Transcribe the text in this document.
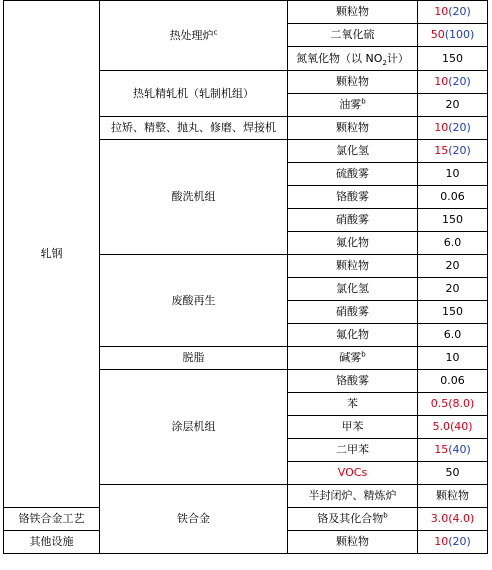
轧钢	热处理炉$^c$	颗粒物	10(20)	
		二氧化硫	50(100)	
		氮氧化物（以 $NO_2$计）	150	
	热轧精轧机（轧制机组）	颗粒物	10(20)	
		油雾$^b$	20	
	拉矫、精整、抛丸、修磨、焊接机	颗粒物	10(20)	
	酸洗机组	氯化氢	15(20)	
		硫酸雾	10	
		铬酸雾	0.06	
		硝酸雾	150	
		氟化物	6.0	
	废酸再生	颗粒物	20	
		氯化氢	20	
		硝酸雾	150	
		氟化物	6.0	
	脱脂	碱雾$^b$	10	
	涂层机组	铬酸雾	0.06	
		苯	0.5(8.0)	
		甲苯	5.0(40)	
		二甲苯	15(40)	
		VOCs	50	
	铁合金	半封闭炉、精炼炉	颗粒物	
铬铁合金工艺		铬及其化合物$^b$	3.0(4.0)	
其他设施		颗粒物	10(20)	
